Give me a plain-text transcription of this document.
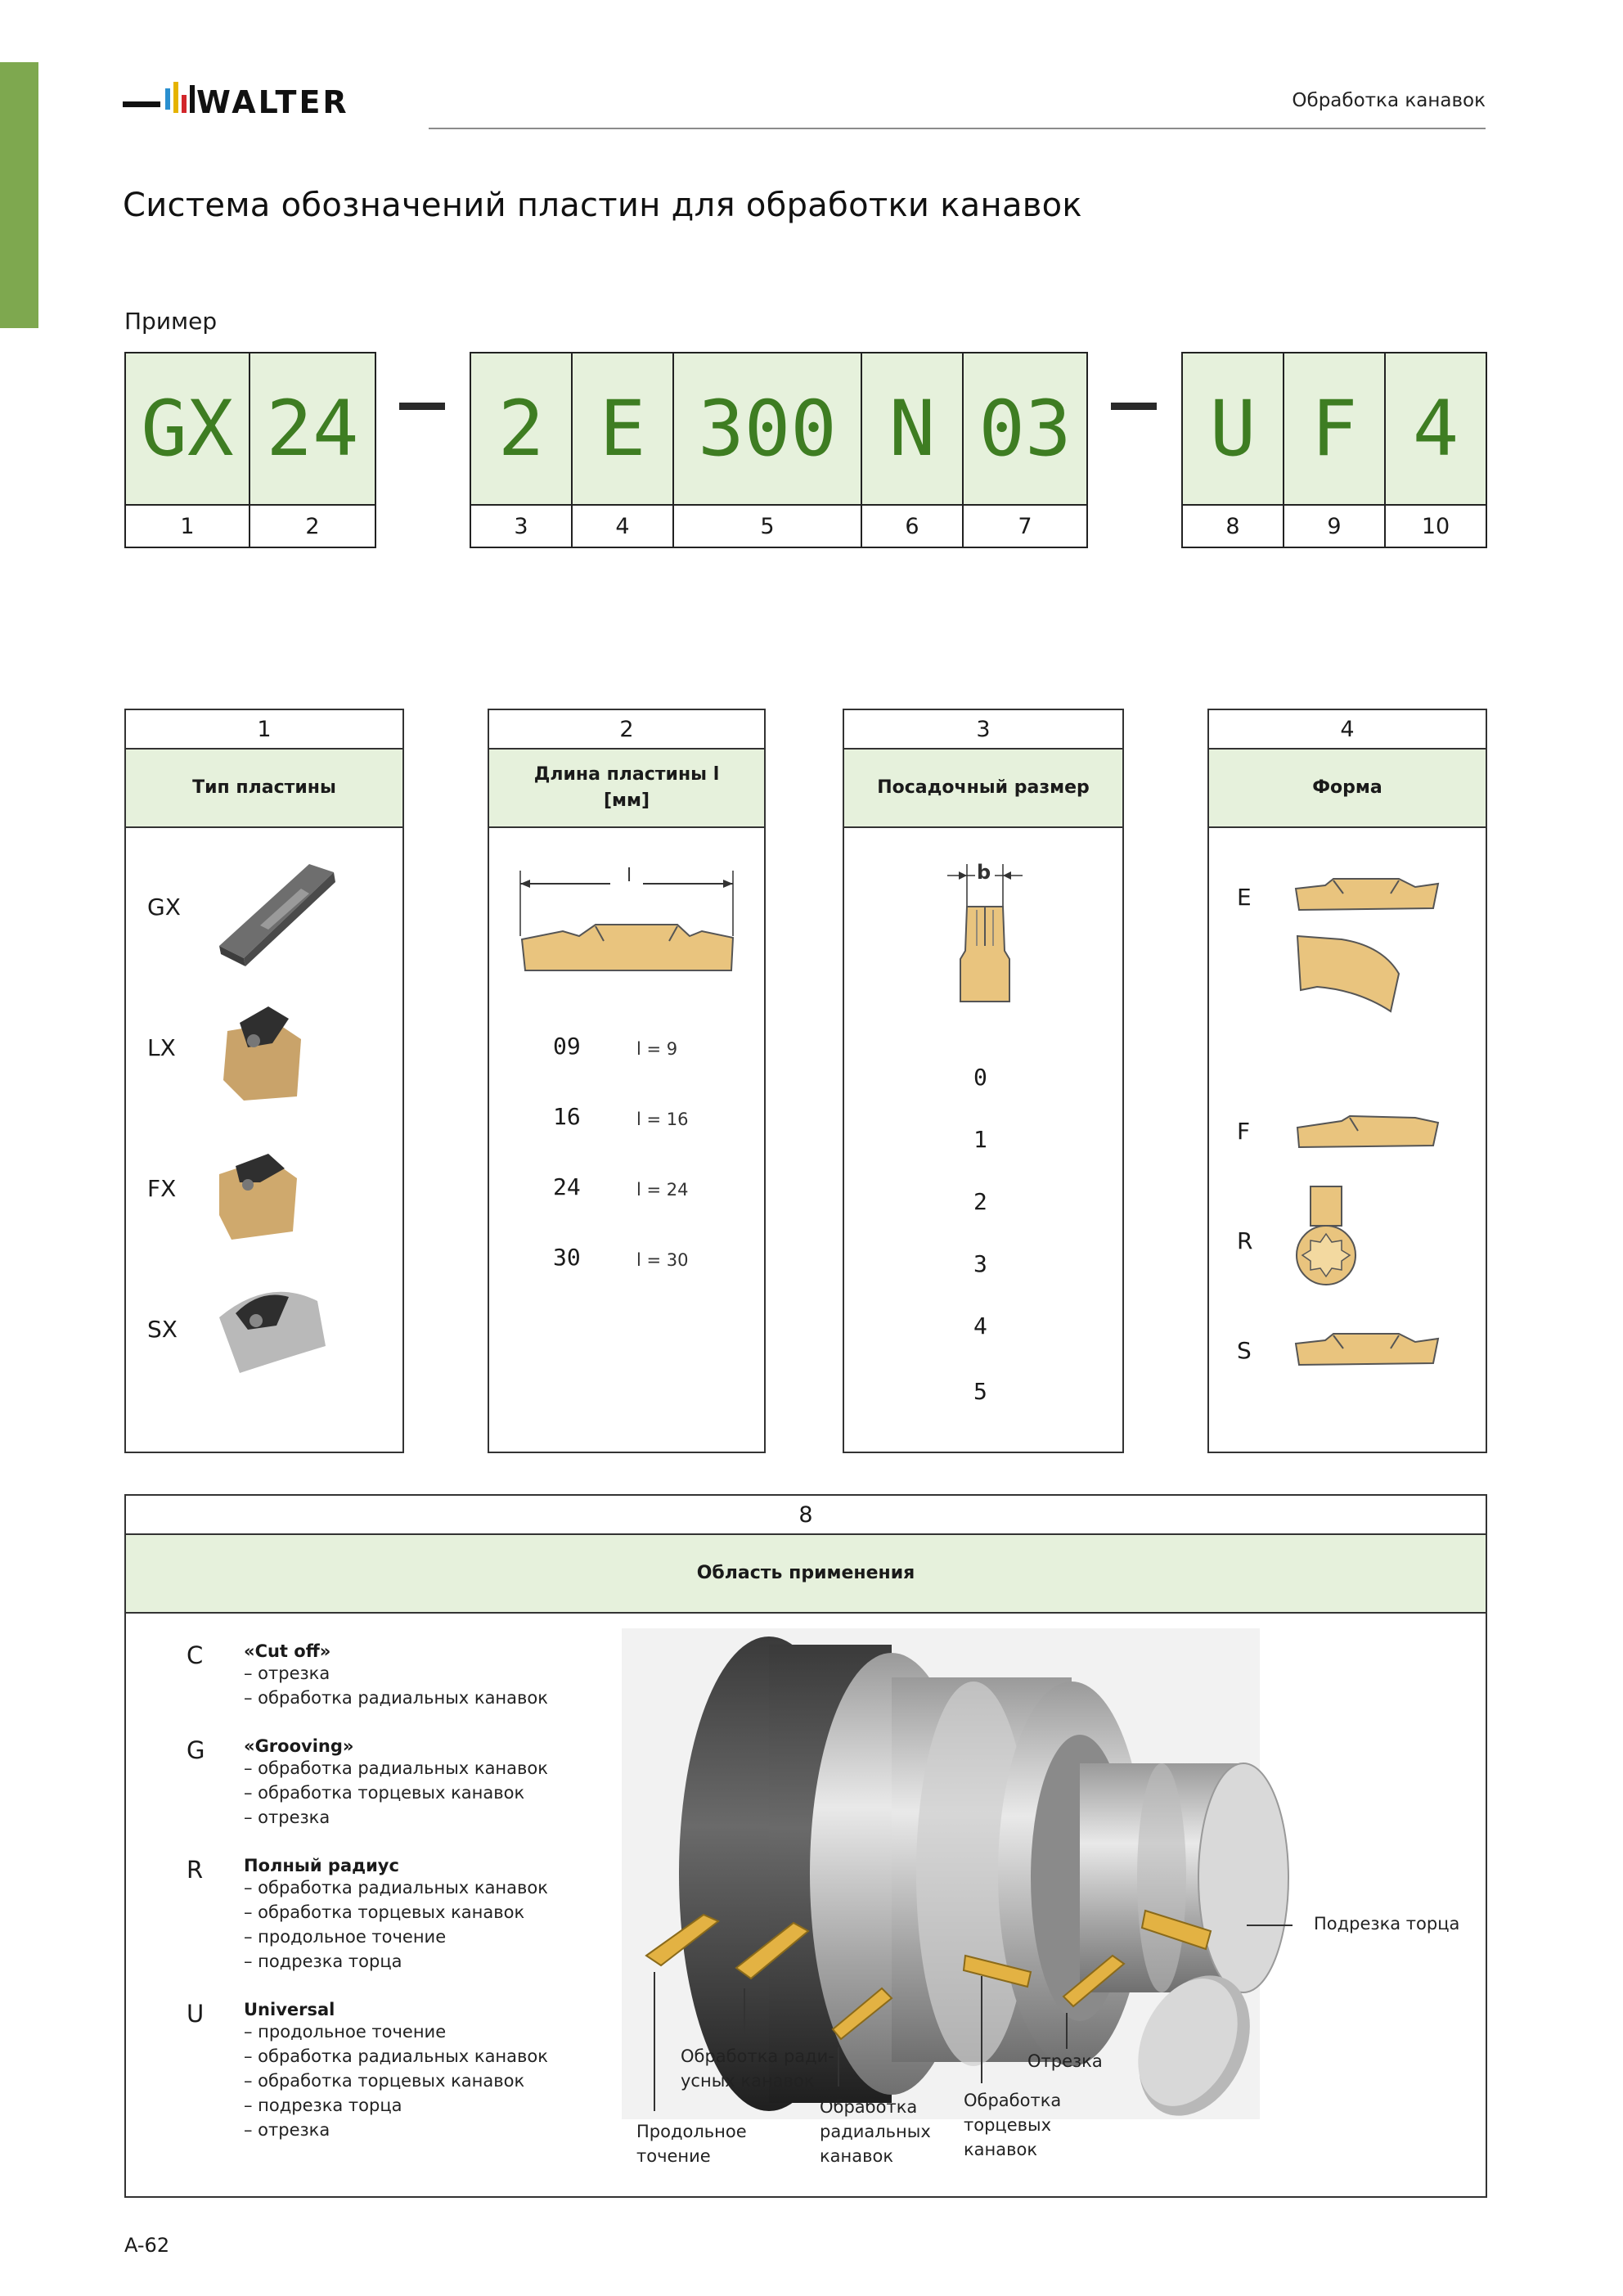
WALTER	Обработка канавок
Система обозначений пластин для обработки канавок
Пример
GX 24	2 E 300 N 03	U F 4
1	2	3	4	5	6	7	8	9	10
1
Тип пластины
GX
LX
FX
SX
2
Длина пластины l
[мм]
l
09	l = 9
16	l = 16
24	l = 24
30	l = 30
3
Посадочный размер
b
0
1
2
3
4
5
4
Форма
E
F
R
S
8
Область применения
C «Cut off»
– отрезка
– обработка радиальных канавок
G «Grooving»
– обработка радиальных канавок
– обработка торцевых канавок
– отрезка
R Полный радиус
– обработка радиальных канавок
– обработка торцевых канавок
– продольное точение
– подрезка торца
U Universal
– продольное точение
– обработка радиальных канавок
– обработка торцевых канавок
– подрезка торца
– отрезка
Подрезка торца
Обработка ради-
усных канавок
Отрезка
Продольное
точение
Обработка
радиальных
канавок
Обработка
торцевых
канавок
A-62
